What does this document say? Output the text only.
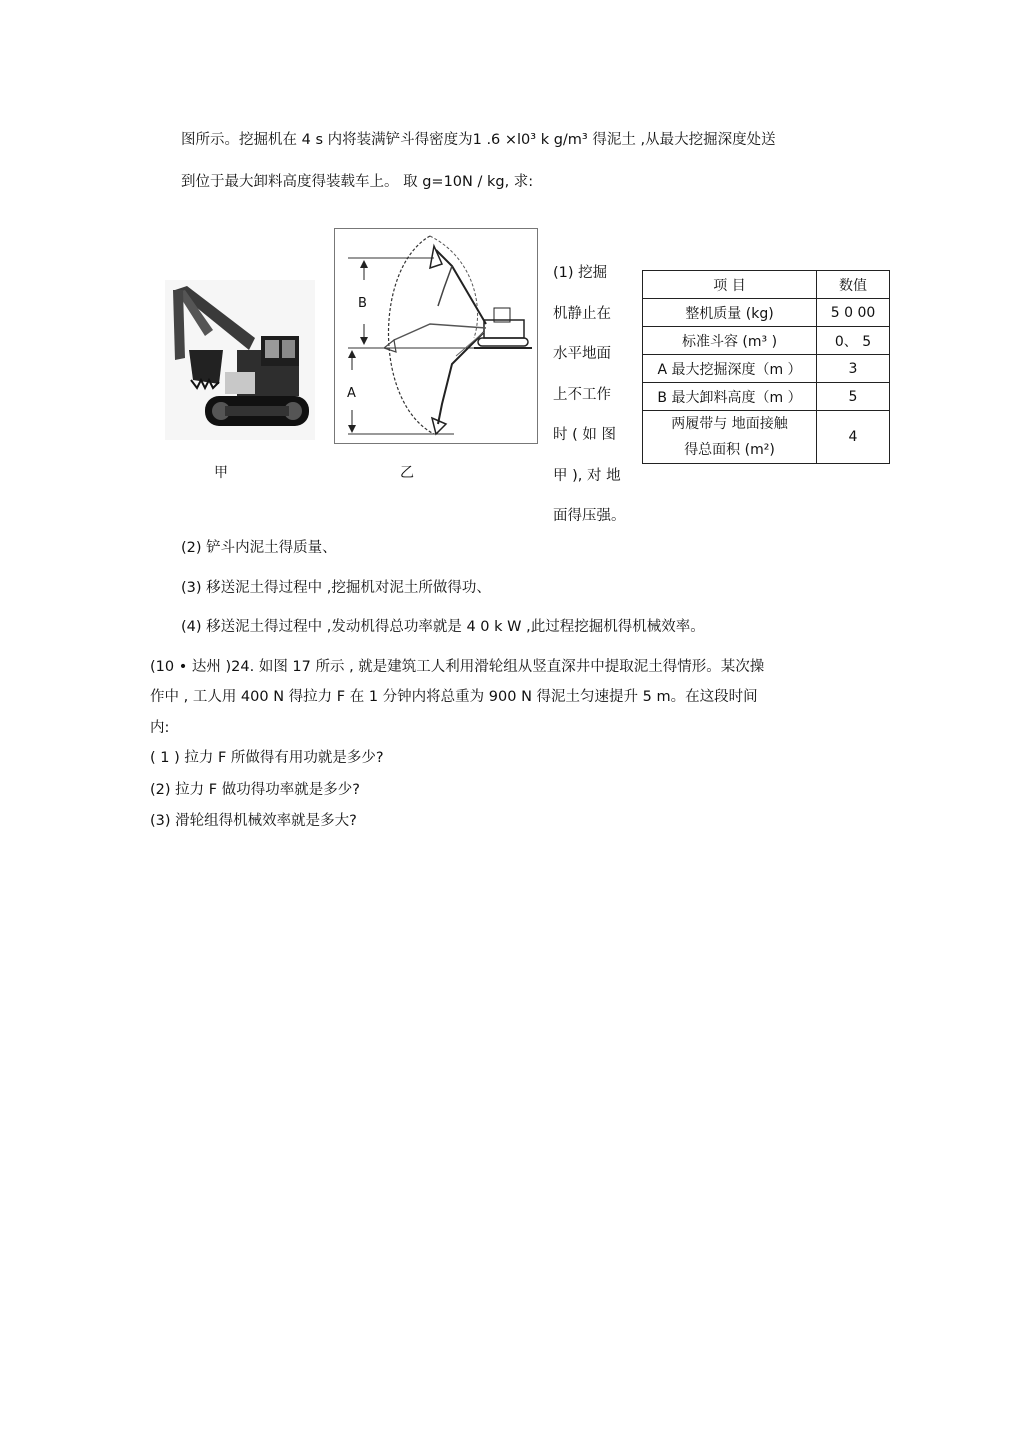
图所示。挖掘机在 4 s 内将装满铲斗得密度为1 .6 ×l0³ k g/m³ 得泥土 ,从最大挖掘深度处送
到位于最大卸料高度得装载车上。 取 g=10N / kg, 求:
甲
B
A
乙
(1) 挖掘
机静止在
水平地面
上不工作
时 ( 如 图
甲 ), 对 地
面得压强。
项 目	数值
整机质量 (kg)	5 0 00
标准斗容 (m³ )	0、 5
A 最大挖掘深度（m ）	3
B 最大卸料高度（m ）	5

两履带与 地面接触
得总面积 (m²)	4
(2) 铲斗内泥土得质量、
(3) 移送泥土得过程中 ,挖掘机对泥土所做得功、
(4) 移送泥土得过程中 ,发动机得总功率就是 4 0 k W ,此过程挖掘机得机械效率。
(10 • 达州 )24. 如图 17 所示 , 就是建筑工人利用滑轮组从竖直深井中提取泥土得情形。某次操
作中 , 工人用 400 N 得拉力 F 在 1 分钟内将总重为 900 N 得泥土匀速提升 5 m。在这段时间
内:
( 1 ) 拉力 F 所做得有用功就是多少?
(2) 拉力 F 做功得功率就是多少?
(3) 滑轮组得机械效率就是多大?
